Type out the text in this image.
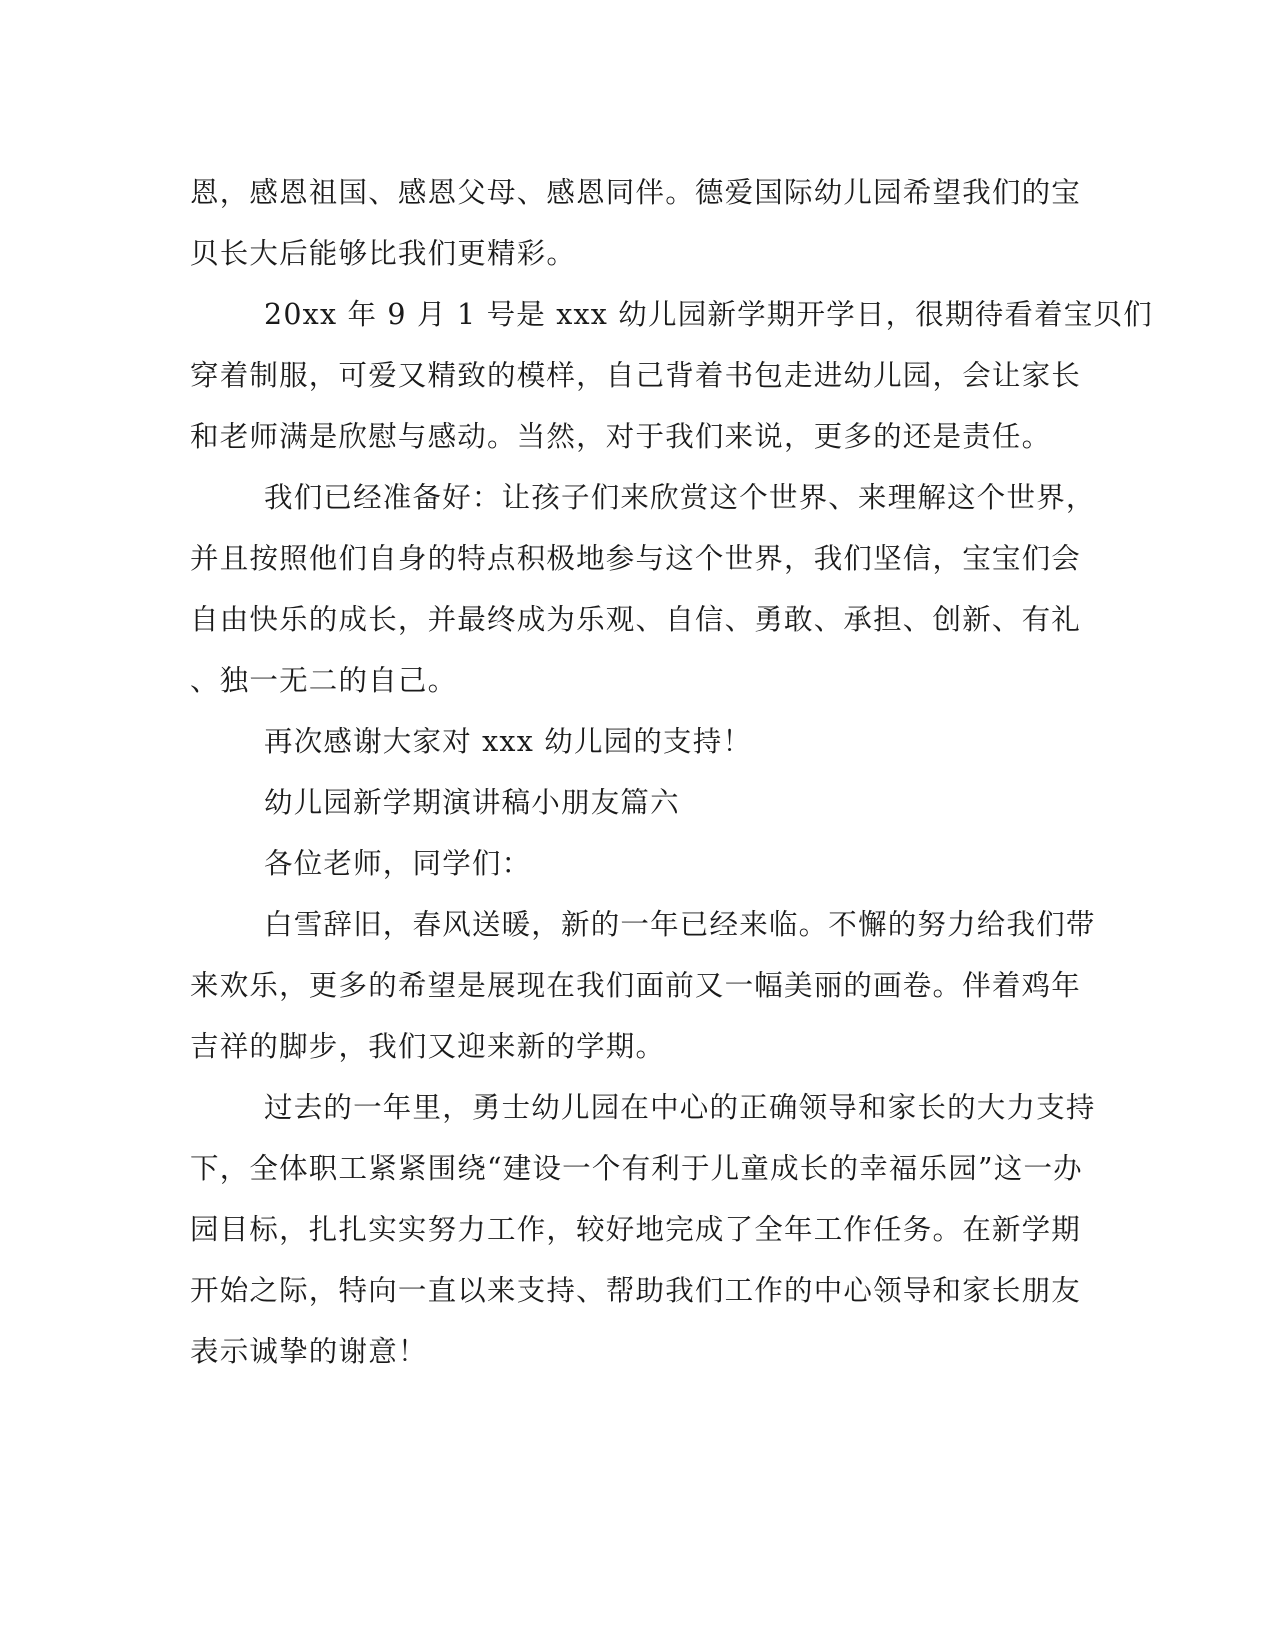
恩，感恩祖国、感恩父母、感恩同伴。德爱国际幼儿园希望我们的宝
贝长大后能够比我们更精彩。
20xx 年 9 月 1 号是 xxx 幼儿园新学期开学日，很期待看着宝贝们
穿着制服，可爱又精致的模样，自己背着书包走进幼儿园，会让家长
和老师满是欣慰与感动。当然，对于我们来说，更多的还是责任。
我们已经准备好：让孩子们来欣赏这个世界、来理解这个世界，
并且按照他们自身的特点积极地参与这个世界，我们坚信，宝宝们会
自由快乐的成长，并最终成为乐观、自信、勇敢、承担、创新、有礼
、独一无二的自己。
再次感谢大家对 xxx 幼儿园的支持！
幼儿园新学期演讲稿小朋友篇六
各位老师，同学们：
白雪辞旧，春风送暖，新的一年已经来临。不懈的努力给我们带
来欢乐，更多的希望是展现在我们面前又一幅美丽的画卷。伴着鸡年
吉祥的脚步，我们又迎来新的学期。
过去的一年里，勇士幼儿园在中心的正确领导和家长的大力支持
下，全体职工紧紧围绕“建设一个有利于儿童成长的幸福乐园”这一办
园目标，扎扎实实努力工作，较好地完成了全年工作任务。在新学期
开始之际，特向一直以来支持、帮助我们工作的中心领导和家长朋友
表示诚挚的谢意！
